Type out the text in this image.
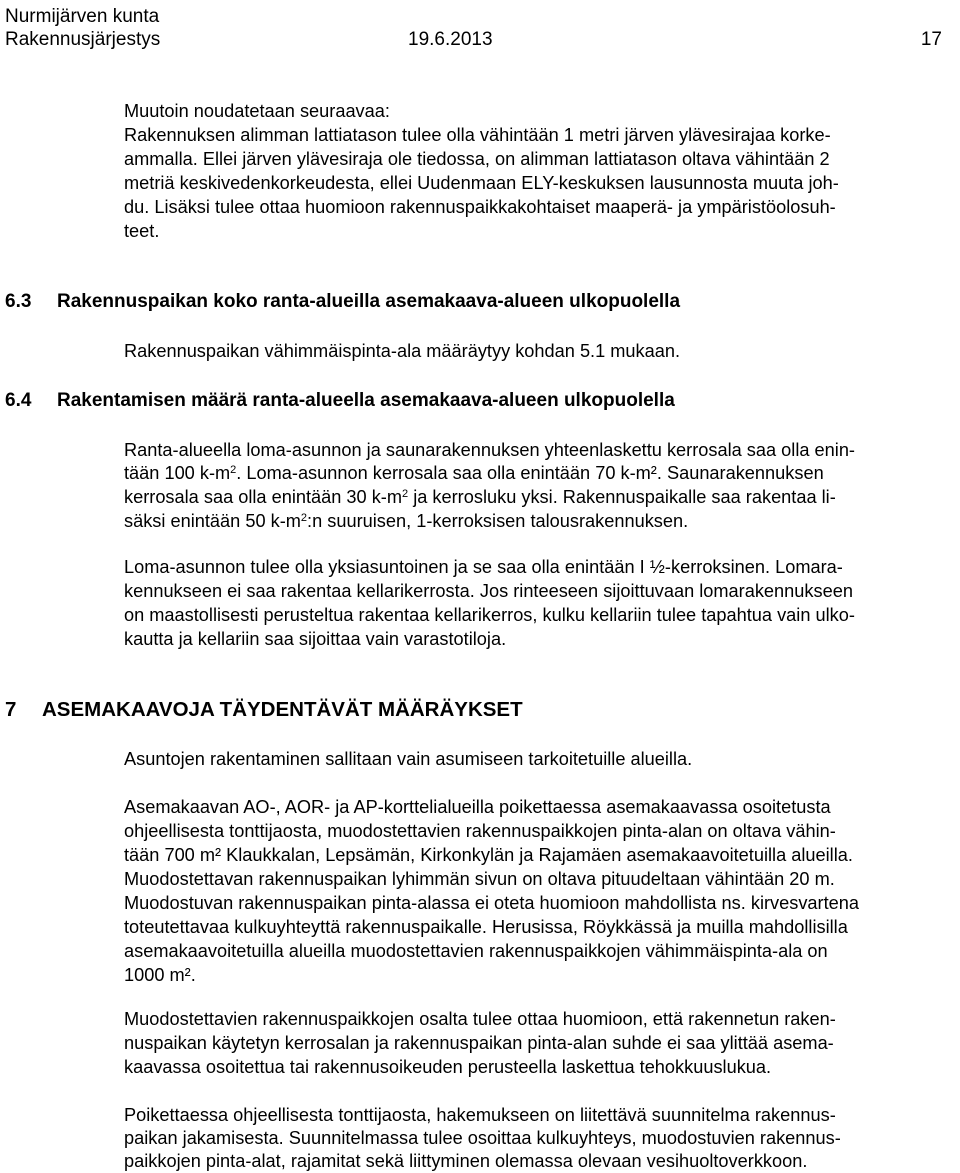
Nurmijärven kunta
Rakennusjärjestys	19.6.2013	17
Muutoin noudatetaan seuraavaa:
Rakennuksen alimman lattiatason tulee olla vähintään 1 metri järven ylävesirajaa korke-
ammalla. Ellei järven ylävesiraja ole tiedossa, on alimman lattiatason oltava vähintään 2
metriä keskivedenkorkeudesta, ellei Uudenmaan ELY-keskuksen lausunnosta muuta joh-
du. Lisäksi tulee ottaa huomioon rakennuspaikkakohtaiset maaperä- ja ympäristöolosuh-
teet.
6.3 Rakennuspaikan koko ranta-alueilla asemakaava-alueen ulkopuolella
Rakennuspaikan vähimmäispinta-ala määräytyy kohdan 5.1 mukaan.
6.4 Rakentamisen määrä ranta-alueella asemakaava-alueen ulkopuolella
Ranta-alueella loma-asunnon ja saunarakennuksen yhteenlaskettu kerrosala saa olla enin-
tään 100 $k-m^2$. Loma-asunnon kerrosala saa olla enintään 70 k-m². Saunarakennuksen
kerrosala saa olla enintään 30 $k-m^2$ ja kerrosluku yksi. Rakennuspaikalle saa rakentaa li-
säksi enintään 50 $k-m^2:n$ suuruisen, 1-kerroksisen talousrakennuksen.
Loma-asunnon tulee olla yksiasuntoinen ja se saa olla enintään I ½-kerroksinen. Lomara-
kennukseen ei saa rakentaa kellarikerrosta. Jos rinteeseen sijoittuvaan lomarakennukseen
on maastollisesti perusteltua rakentaa kellarikerros, kulku kellariin tulee tapahtua vain ulko-
kautta ja kellariin saa sijoittaa vain varastotiloja.
7 ASEMAKAAVOJA TÄYDENTÄVÄT MÄÄRÄYKSET
Asuntojen rakentaminen sallitaan vain asumiseen tarkoitetuille alueilla.
Asemakaavan AO-, AOR- ja AP-korttelialueilla poikettaessa asemakaavassa osoitetusta
ohjeellisesta tonttijaosta, muodostettavien rakennuspaikkojen pinta-alan on oltava vähin-
tään 700 m² Klaukkalan, Lepsämän, Kirkonkylän ja Rajamäen asemakaavoitetuilla alueilla.
Muodostettavan rakennuspaikan lyhimmän sivun on oltava pituudeltaan vähintään 20 m.
Muodostuvan rakennuspaikan pinta-alassa ei oteta huomioon mahdollista ns. kirvesvartena
toteutettavaa kulkuyhteyttä rakennuspaikalle. Herusissa, Röykkässä ja muilla mahdollisilla
asemakaavoitetuilla alueilla muodostettavien rakennuspaikkojen vähimmäispinta-ala on
1000 m².
Muodostettavien rakennuspaikkojen osalta tulee ottaa huomioon, että rakennetun raken-
nuspaikan käytetyn kerrosalan ja rakennuspaikan pinta-alan suhde ei saa ylittää asema-
kaavassa osoitettua tai rakennusoikeuden perusteella laskettua tehokkuuslukua.
Poikettaessa ohjeellisesta tonttijaosta, hakemukseen on liitettävä suunnitelma rakennus-
paikan jakamisesta. Suunnitelmassa tulee osoittaa kulkuyhteys, muodostuvien rakennus-
paikkojen pinta-alat, rajamitat sekä liittyminen olemassa olevaan vesihuoltoverkkoon.
